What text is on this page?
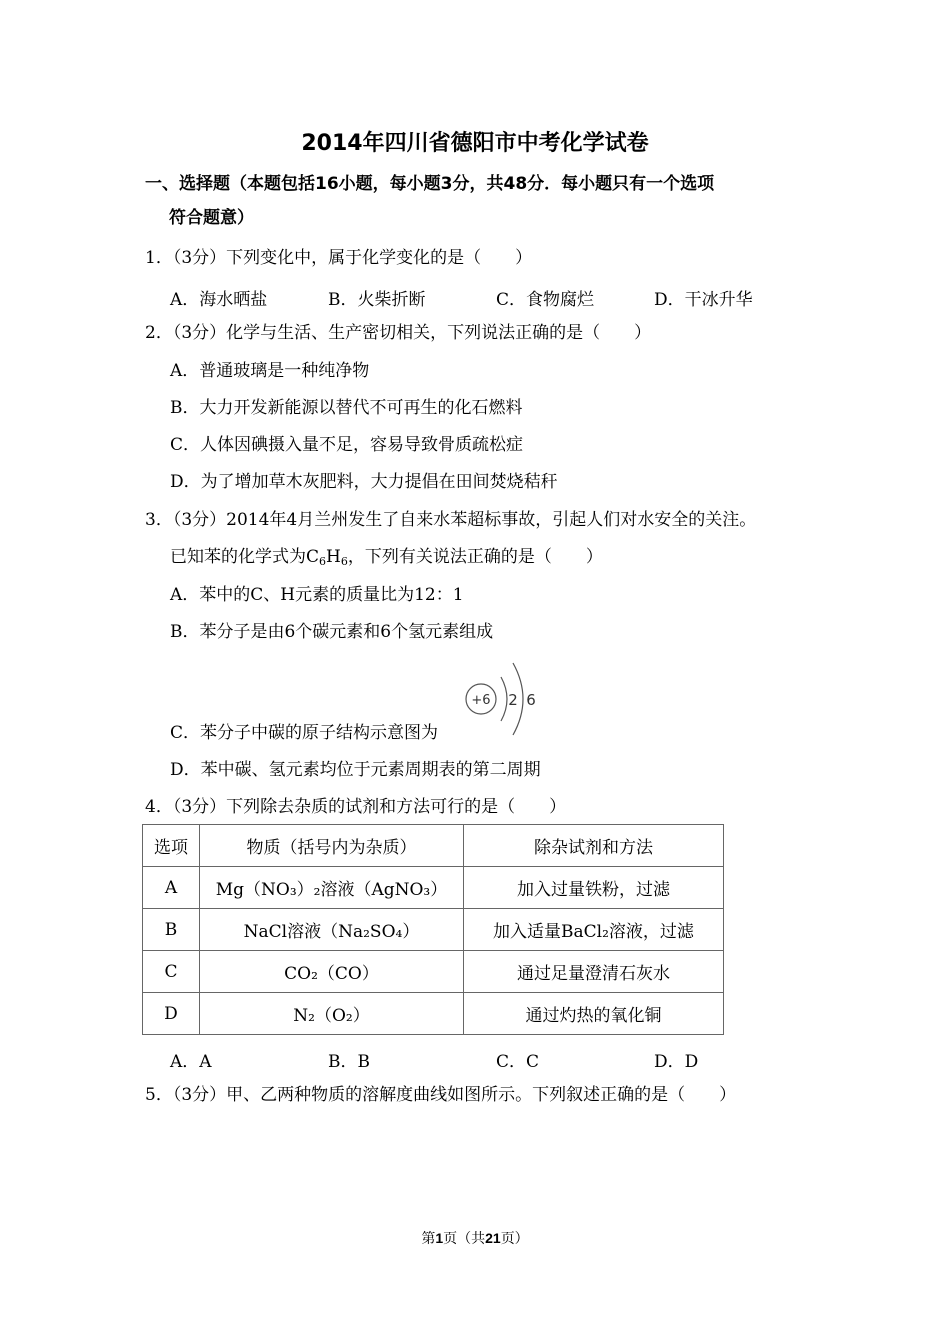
2014年四川省德阳市中考化学试卷
一、选择题（本题包括16小题，每小题3分，共48分．每小题只有一个选项
符合题意）
1．（3分）下列变化中，属于化学变化的是（　　）
A．海水晒盐	B．火柴折断	C．食物腐烂	D．干冰升华
2．（3分）化学与生活、生产密切相关，下列说法正确的是（　　）
A．普通玻璃是一种纯净物
B．大力开发新能源以替代不可再生的化石燃料
C．人体因碘摄入量不足，容易导致骨质疏松症
D．为了增加草木灰肥料，大力提倡在田间焚烧秸秆
3．（3分）2014年4月兰州发生了自来水苯超标事故，引起人们对水安全的关注。
已知苯的化学式为$C_6H_6$，下列有关说法正确的是（　　）
A．苯中的C、H元素的质量比为12：1
B．苯分子是由6个碳元素和6个氢元素组成
+6 2 6
C．苯分子中碳的原子结构示意图为
D．苯中碳、氢元素均位于元素周期表的第二周期
4．（3分）下列除去杂质的试剂和方法可行的是（　　）
选项	物质（括号内为杂质）	除杂试剂和方法
A	Mg（NO₃）₂溶液（AgNO₃）	加入过量铁粉，过滤
B	NaCl溶液（Na₂SO₄）	加入适量BaCl₂溶液，过滤
C	CO₂（CO）	通过足量澄清石灰水
D	N₂（O₂）	通过灼热的氧化铜
A．A	B．B	C．C	D．D
5．（3分）甲、乙两种物质的溶解度曲线如图所示。下列叙述正确的是（　　）
第1页（共21页）
